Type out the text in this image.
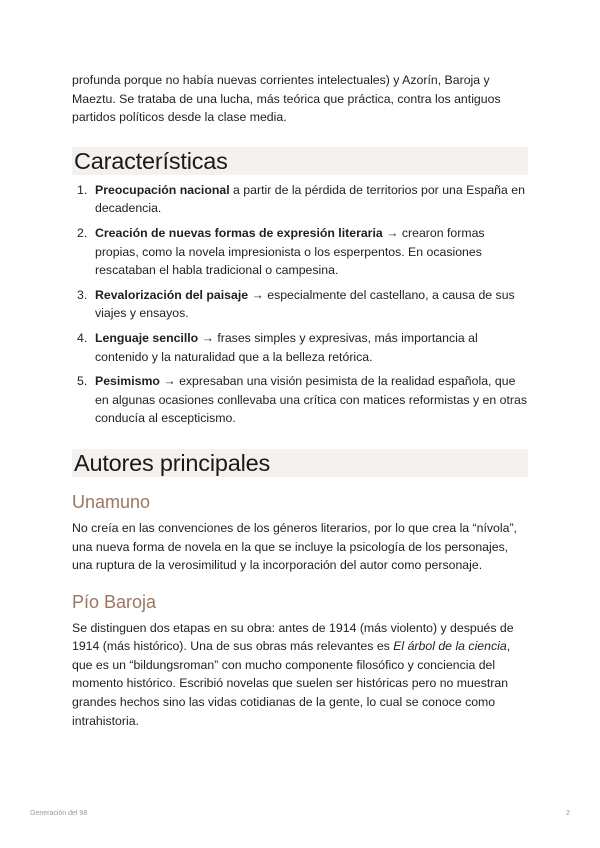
profunda porque no había nuevas corrientes intelectuales) y Azorín, Baroja y Maeztu. Se trataba de una lucha, más teórica que práctica, contra los antiguos partidos políticos desde la clase media.

Características
1. Preocupación nacional a partir de la pérdida de territorios por una España en decadencia.
2. Creación de nuevas formas de expresión literaria → crearon formas propias, como la novela impresionista o los esperpentos. En ocasiones rescataban el habla tradicional o campesina.
3. Revalorización del paisaje → especialmente del castellano, a causa de sus viajes y ensayos.
4. Lenguaje sencillo → frases simples y expresivas, más importancia al contenido y la naturalidad que a la belleza retórica.
5. Pesimismo → expresaban una visión pesimista de la realidad española, que en algunas ocasiones conllevaba una crítica con matices reformistas y en otras conducía al escepticismo.
Autores principales
Unamuno

No creía en las convenciones de los géneros literarios, por lo que crea la “nívola”, una nueva forma de novela en la que se incluye la psicología de los personajes, una ruptura de la verosimilitud y la incorporación del autor como personaje.

Pío Baroja

Se distinguen dos etapas en su obra: antes de 1914 (más violento) y después de 1914 (más histórico). Una de sus obras más relevantes es El árbol de la ciencia, que es un “bildungsroman” con mucho componente filosófico y conciencia del momento histórico. Escribió novelas que suelen ser históricas pero no muestran grandes hechos sino las vidas cotidianas de la gente, lo cual se conoce como intrahistoria.

Generación del 98	2
